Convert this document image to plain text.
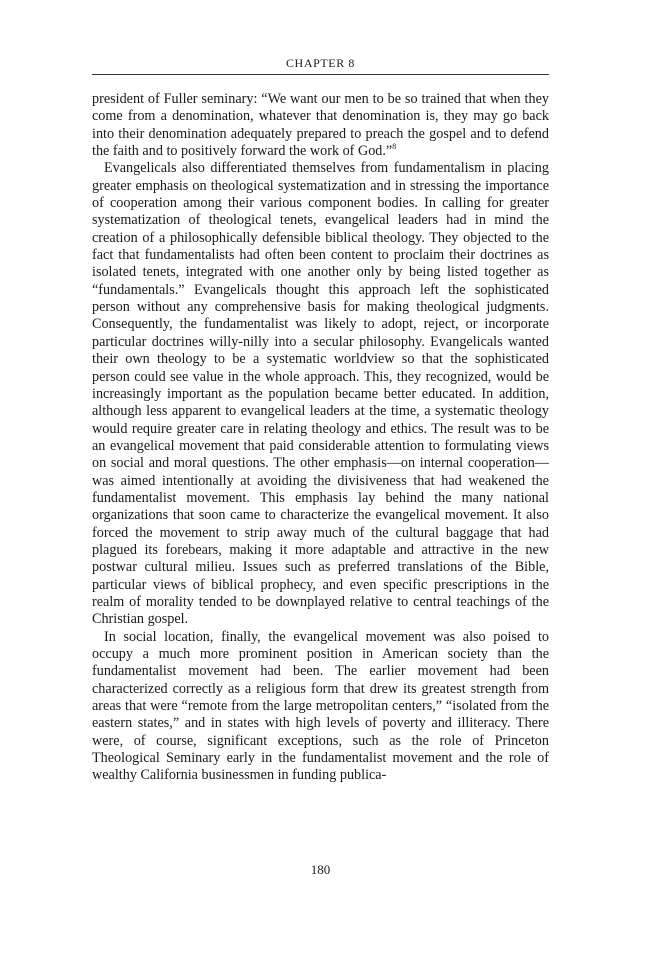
CHAPTER 8

president of Fuller seminary: “We want our men to be so trained that when they come from a denomination, whatever that denomination is, they may go back into their denomination adequately prepared to preach the gospel and to defend the faith and to positively forward the work of God.”$^8$

Evangelicals also differentiated themselves from fundamentalism in placing greater emphasis on theological systematization and in stressing the importance of cooperation among their various component bodies. In calling for greater systematization of theological tenets, evangelical leaders had in mind the creation of a philosophically defensible biblical theology. They objected to the fact that fundamentalists had often been content to proclaim their doctrines as isolated tenets, integrated with one another only by being listed together as “fundamentals.” Evangelicals thought this approach left the sophisticated person without any comprehensive basis for making theological judgments. Consequently, the fundamentalist was likely to adopt, reject, or incorporate particular doctrines willy-nilly into a secular philosophy. Evangelicals wanted their own theology to be a systematic worldview so that the sophisticated person could see value in the whole approach. This, they recognized, would be increasingly important as the population became better educated. In addition, although less apparent to evangelical leaders at the time, a systematic theology would require greater care in relating theology and ethics. The result was to be an evangelical movement that paid considerable attention to formulating views on social and moral questions. The other emphasis—on internal cooperation—was aimed intentionally at avoiding the divisiveness that had weakened the fundamentalist movement. This emphasis lay behind the many national organizations that soon came to characterize the evangelical movement. It also forced the movement to strip away much of the cultural baggage that had plagued its forebears, making it more adaptable and attractive in the new postwar cultural milieu. Issues such as preferred translations of the Bible, particular views of biblical prophecy, and even specific prescriptions in the realm of morality tended to be downplayed relative to central teachings of the Christian gospel.

In social location, finally, the evangelical movement was also poised to occupy a much more prominent position in American society than the fundamentalist movement had been. The earlier movement had been characterized correctly as a religious form that drew its greatest strength from areas that were “remote from the large metropolitan centers,” “isolated from the eastern states,” and in states with high levels of poverty and illiteracy. There were, of course, significant exceptions, such as the role of Princeton Theological Seminary early in the fundamentalist movement and the role of wealthy California businessmen in funding publica-

180
